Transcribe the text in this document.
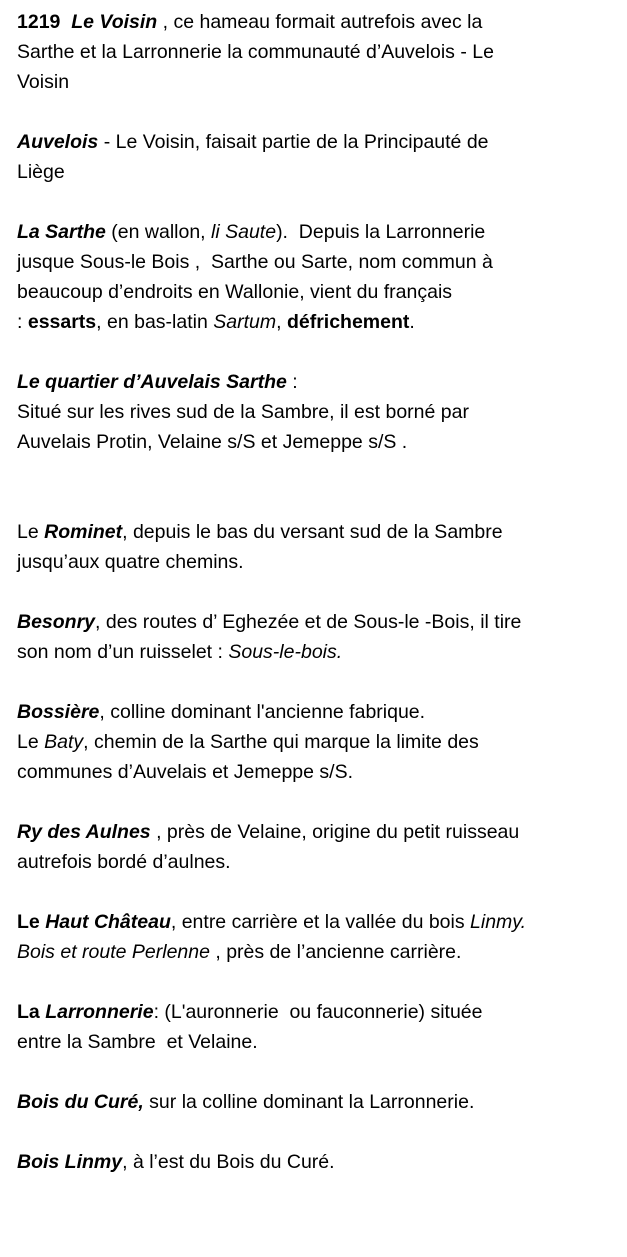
1219 Le Voisin , ce hameau formait autrefois avec la
Sarthe et la Larronnerie la communauté d’Auvelois - Le
Voisin
Auvelois - Le Voisin, faisait partie de la Principauté de
Liège
La Sarthe (en wallon, li Saute).  Depuis la Larronnerie
jusque Sous-le Bois ,  Sarthe ou Sarte, nom commun à
beaucoup d’endroits en Wallonie, vient du français
: essarts, en bas-latin Sartum, défrichement.
Le quartier d’Auvelais Sarthe :
Situé sur les rives sud de la Sambre, il est borné par
Auvelais Protin, Velaine s/S et Jemeppe s/S .
Le Rominet, depuis le bas du versant sud de la Sambre
jusqu’aux quatre chemins.
Besonry, des routes d’ Eghezée et de Sous-le -Bois, il tire
son nom d’un ruisselet : Sous-le-bois.
Bossière, colline dominant l'ancienne fabrique.
Le Baty, chemin de la Sarthe qui marque la limite des
communes d’Auvelais et Jemeppe s/S.
Ry des Aulnes , près de Velaine, origine du petit ruisseau
autrefois bordé d’aulnes.
Le Haut Château, entre carrière et la vallée du bois Linmy.
Bois et route Perlenne , près de l’ancienne carrière.
La Larronnerie: (L'auronnerie  ou fauconnerie) située
entre la Sambre  et Velaine.
Bois du Curé, sur la colline dominant la Larronnerie.
Bois Linmy, à l’est du Bois du Curé.
